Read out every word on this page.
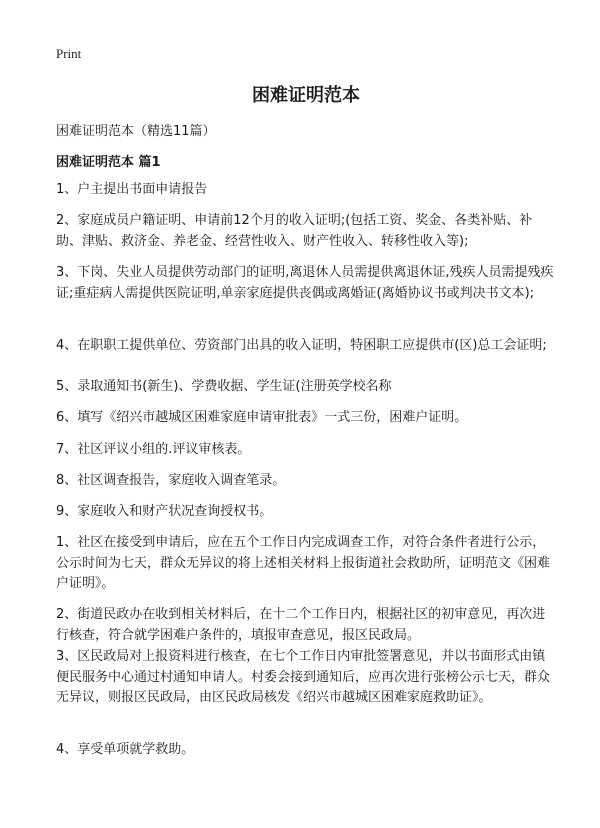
Print
困难证明范本
困难证明范本（精选11篇）
困难证明范本 篇1

1、户主提出书面申请报告

2、家庭成员户籍证明、申请前12个月的收入证明;(包括工资、奖金、各类补贴、补助、津贴、救济金、养老金、经营性收入、财产性收入、转移性收入等);

3、下岗、失业人员提供劳动部门的证明,离退休人员需提供离退休证,残疾人员需提残疾证;重症病人需提供医院证明,单亲家庭提供丧偶或离婚证(离婚协议书或判决书文本);

4、在职职工提供单位、劳资部门出具的收入证明，特困职工应提供市(区)总工会证明;

5、录取通知书(新生)、学费收据、学生证(注册英学校名称

6、填写《绍兴市越城区困难家庭申请审批表》一式三份，困难户证明。

7、社区评议小组的.评议审核表。

8、社区调查报告，家庭收入调查笔录。

9、家庭收入和财产状况查询授权书。

1、社区在接受到申请后，应在五个工作日内完成调查工作，对符合条件者进行公示，公示时间为七天，群众无异议的将上述相关材料上报街道社会救助所，证明范文《困难户证明》。

2、街道民政办在收到相关材料后，在十二个工作日内，根据社区的初审意见，再次进行核查，符合就学困难户条件的，填报审查意见，报区民政局。

3、区民政局对上报资料进行核查，在七个工作日内审批签署意见，并以书面形式由镇便民服务中心通过村通知申请人。村委会接到通知后，应再次进行张榜公示七天，群众无异议，则报区民政局，由区民政局核发《绍兴市越城区困难家庭救助证》。

4、享受单项就学救助。
